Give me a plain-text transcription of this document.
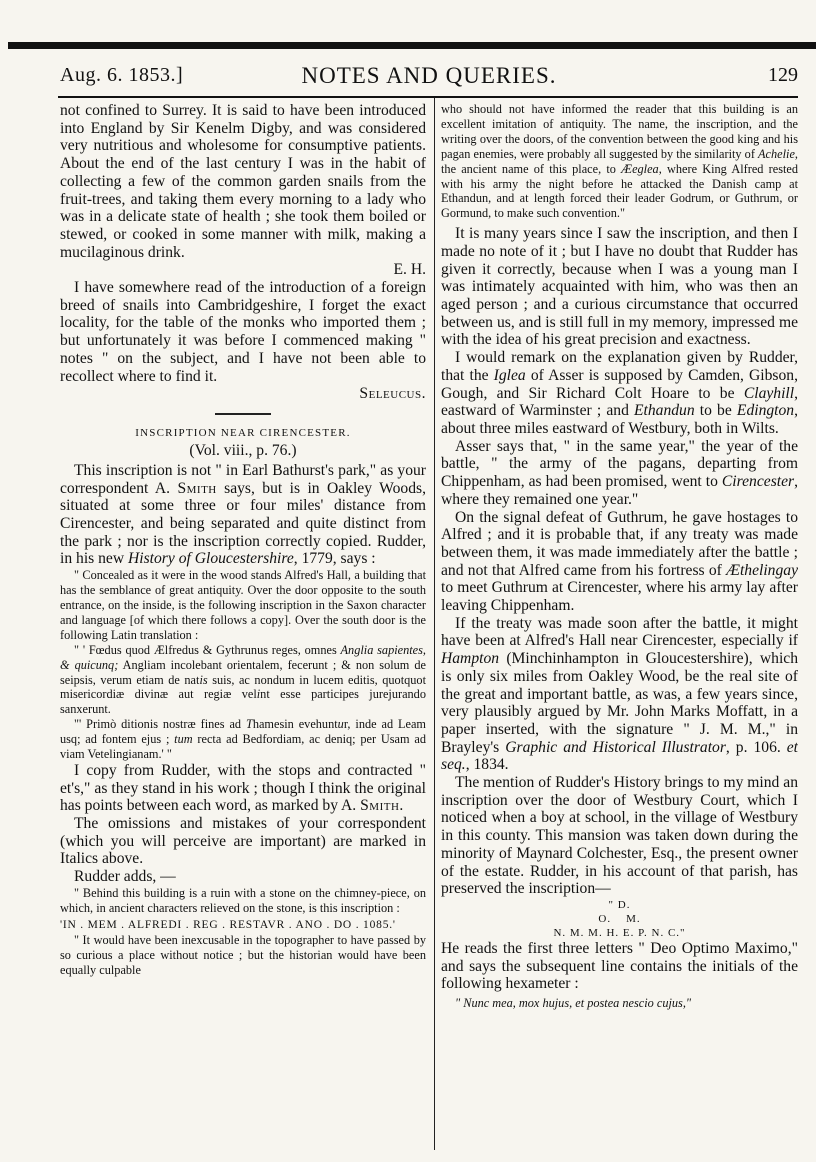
Aug. 6. 1853.]	NOTES AND QUERIES.	129

not confined to Surrey. It is said to have been introduced into England by Sir Kenelm Digby, and was considered very nutritious and wholesome for consumptive patients. About the end of the last century I was in the habit of collecting a few of the common garden snails from the fruit-trees, and taking them every morning to a lady who was in a delicate state of health ; she took them boiled or stewed, or cooked in some manner with milk, making a mucilaginous drink.

E. H.

I have somewhere read of the introduction of a foreign breed of snails into Cambridgeshire, I forget the exact locality, for the table of the monks who imported them ; but unfortunately it was before I commenced making " notes " on the subject, and I have not been able to recollect where to find it.

Seleucus.

INSCRIPTION NEAR CIRENCESTER.
(Vol. viii., p. 76.)

This inscription is not " in Earl Bathurst's park," as your correspondent A. Smith says, but is in Oakley Woods, situated at some three or four miles' distance from Cirencester, and being separated and quite distinct from the park ; nor is the inscription correctly copied. Rudder, in his new History of Gloucestershire, 1779, says :

" Concealed as it were in the wood stands Alfred's Hall, a building that has the semblance of great antiquity. Over the door opposite to the south entrance, on the inside, is the following inscription in the Saxon character and language [of which there follows a copy]. Over the south door is the following Latin translation :

" ' Fœdus quod Ælfredus & Gythrunus reges, omnes Anglia sapientes, & quicunq; Angliam incolebant orientalem, fecerunt ; & non solum de seipsis, verum etiam de natis suis, ac nondum in lucem editis, quotquot misericordiæ divinæ aut regiæ velint esse participes jurejurando sanxerunt.

"' Primò ditionis nostræ fines ad Thamesin evehuntur, inde ad Leam usq; ad fontem ejus ; tum recta ad Bedfordiam, ac deniq; per Usam ad viam Vetelingianam.' "

I copy from Rudder, with the stops and contracted " et's," as they stand in his work ; though I think the original has points between each word, as marked by A. Smith.

The omissions and mistakes of your correspondent (which you will perceive are important) are marked in Italics above.

Rudder adds, —

" Behind this building is a ruin with a stone on the chimney-piece, on which, in ancient characters relieved on the stone, is this inscription :

'IN . MEM . ALFREDI . REG . RESTAVR . ANO . DO . 1085.'

" It would have been inexcusable in the topographer to have passed by so curious a place without notice ; but the historian would have been equally culpable

who should not have informed the reader that this building is an excellent imitation of antiquity. The name, the inscription, and the writing over the doors, of the convention between the good king and his pagan enemies, were probably all suggested by the similarity of Achelie, the ancient name of this place, to Æeglea, where King Alfred rested with his army the night before he attacked the Danish camp at Ethandun, and at length forced their leader Godrum, or Guthrum, or Gormund, to make such convention."

It is many years since I saw the inscription, and then I made no note of it ; but I have no doubt that Rudder has given it correctly, because when I was a young man I was intimately acquainted with him, who was then an aged person ; and a curious circumstance that occurred between us, and is still full in my memory, impressed me with the idea of his great precision and exactness.

I would remark on the explanation given by Rudder, that the Iglea of Asser is supposed by Camden, Gibson, Gough, and Sir Richard Colt Hoare to be Clayhill, eastward of Warminster ; and Ethandun to be Edington, about three miles eastward of Westbury, both in Wilts.

Asser says that, " in the same year," the year of the battle, " the army of the pagans, departing from Chippenham, as had been promised, went to Cirencester, where they remained one year."

On the signal defeat of Guthrum, he gave hostages to Alfred ; and it is probable that, if any treaty was made between them, it was made immediately after the battle ; and not that Alfred came from his fortress of Æthelingay to meet Guthrum at Cirencester, where his army lay after leaving Chippenham.

If the treaty was made soon after the battle, it might have been at Alfred's Hall near Cirencester, especially if Hampton (Minchinhampton in Gloucestershire), which is only six miles from Oakley Wood, be the real site of the great and important battle, as was, a few years since, very plausibly argued by Mr. John Marks Moffatt, in a paper inserted, with the signature " J. M. M.," in Brayley's Graphic and Historical Illustrator, p. 106. et seq., 1834.

The mention of Rudder's History brings to my mind an inscription over the door of Westbury Court, which I noticed when a boy at school, in the village of Westbury in this county. This mansion was taken down during the minority of Maynard Colchester, Esq., the present owner of the estate. Rudder, in his account of that parish, has preserved the inscription—

" D.
O.    M.
N. M. M. H. E. P. N. C."

He reads the first three letters " Deo Optimo Maximo," and says the subsequent line contains the initials of the following hexameter :

" Nunc mea, mox hujus, et postea nescio cujus,"
